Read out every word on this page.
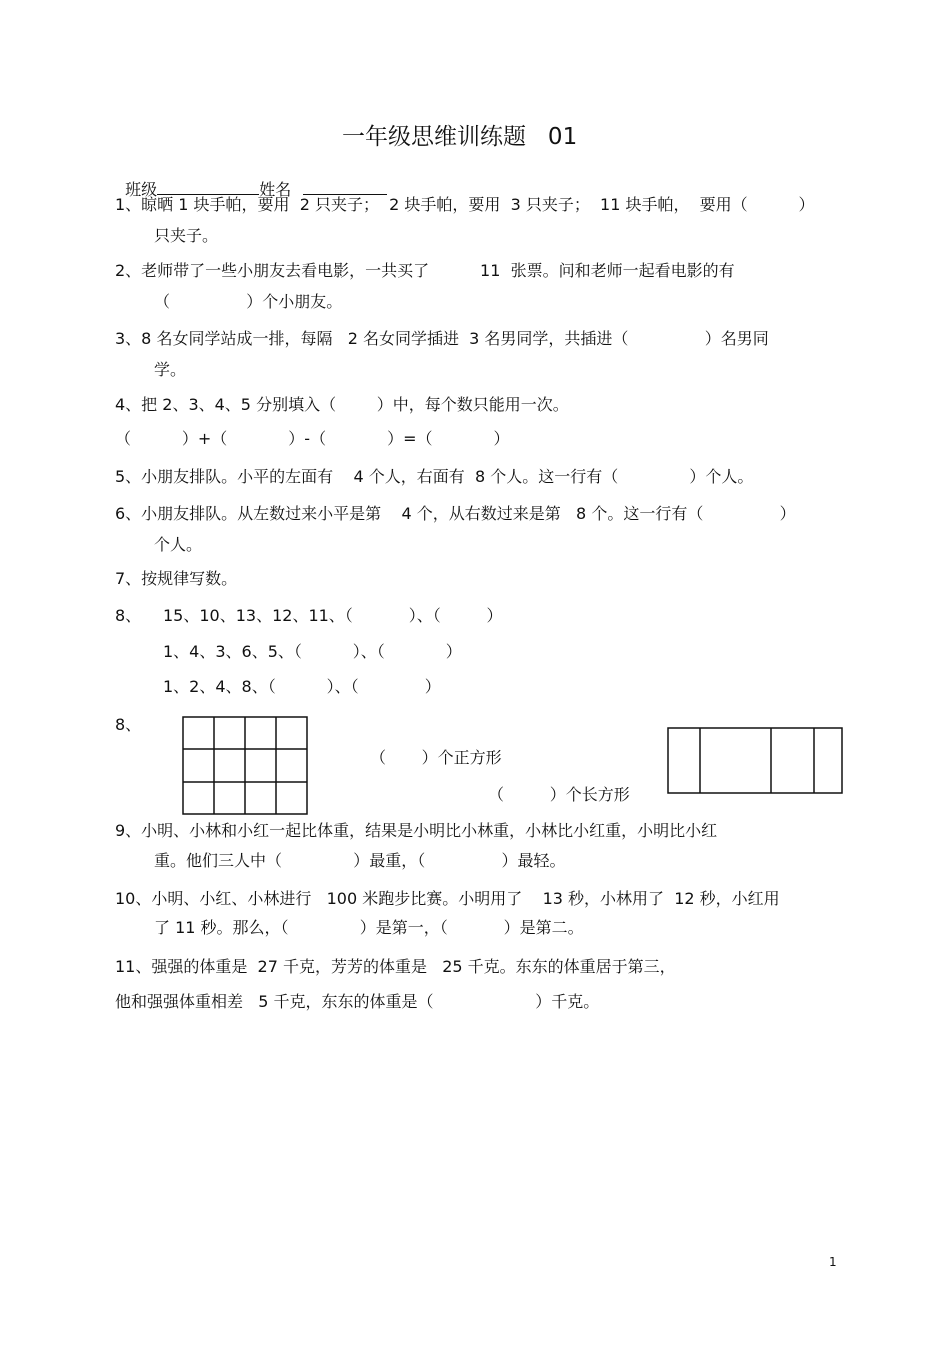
一年级思维训练题   01

班级	姓名

1、晾晒 1 块手帕，要用  2 只夹子；  2 块手帕，要用  3 只夹子；  11 块手帕，  要用（          ）
只夹子。
2、老师带了一些小朋友去看电影，一共买了          11  张票。问和老师一起看电影的有
（               ）个小朋友。
3、8 名女同学站成一排，每隔   2 名女同学插进  3 名男同学，共插进（               ）名男同
学。
4、把 2、3、4、5 分别填入（        ）中，每个数只能用一次。
（          ）+（            ）-（            ）=（            ）
5、小朋友排队。小平的左面有    4 个人，右面有  8 个人。这一行有（              ）个人。
6、小朋友排队。从左数过来小平是第    4 个，从右数过来是第   8 个。这一行有（               ）
个人。
7、按规律写数。
8、 15、10、13、12、11、（           ）、（         ）
1、4、3、6、5、（          ）、（            ）
1、2、4、8、（          ）、（             ）
8、
（       ）个正方形
（         ）个长方形
9、小明、小林和小红一起比体重，结果是小明比小林重，小林比小红重，小明比小红
重。他们三人中（              ）最重，（               ）最轻。
10、小明、小红、小林进行   100 米跑步比赛。小明用了    13 秒，小林用了  12 秒，小红用
了 11 秒。那么，（              ）是第一，（           ）是第二。
11、强强的体重是  27 千克，芳芳的体重是   25 千克。东东的体重居于第三，
他和强强体重相差   5 千克，东东的体重是（                    ）千克。
1
